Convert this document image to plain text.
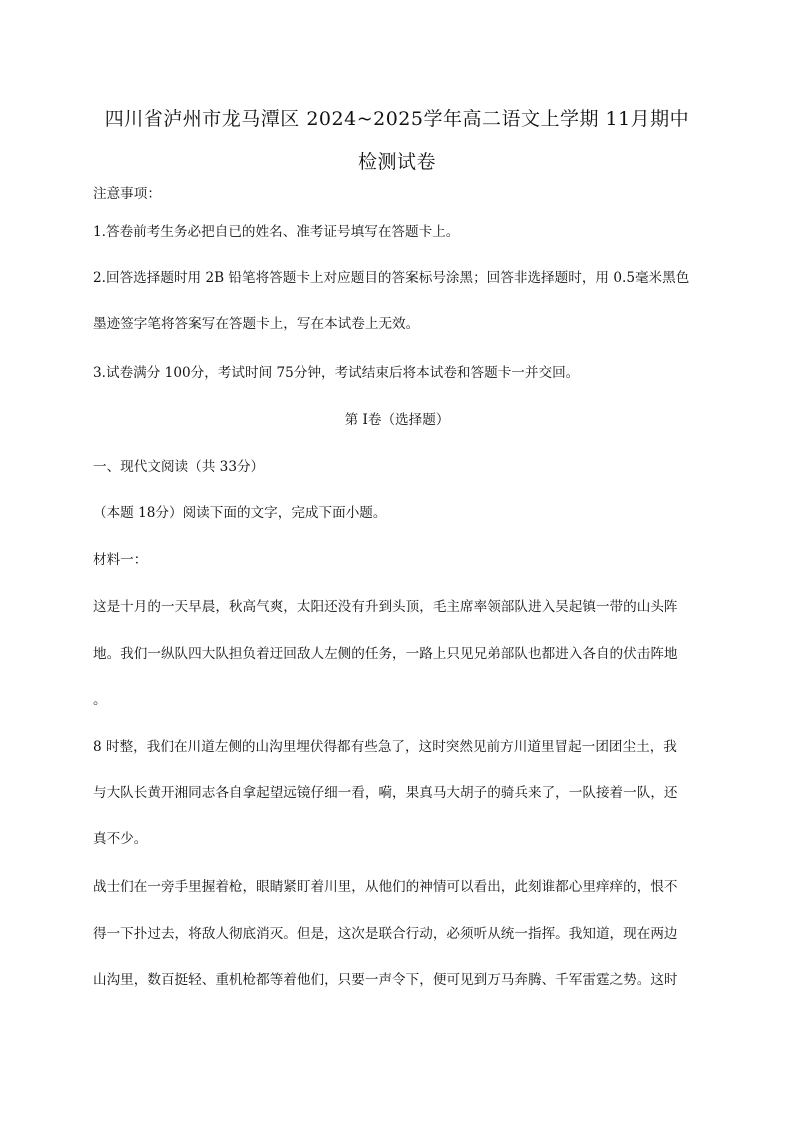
四川省泸州市龙马潭区 2024~2025学年高二语文上学期 11月期中
检测试卷
注意事项：
1.答卷前考生务必把自已的姓名、准考证号填写在答题卡上。
2.回答选择题时用 2B 铅笔将答题卡上对应题目的答案标号涂黑；回答非选择题时，用 0.5毫米黑色
墨迹签字笔将答案写在答题卡上，写在本试卷上无效。
3.试卷满分 100分，考试时间 75分钟，考试结束后将本试卷和答题卡一并交回。
第 I卷（选择题）
一、现代文阅读（共 33分）
（本题 18分）阅读下面的文字，完成下面小题。
材料一：
这是十月的一天早晨，秋高气爽，太阳还没有升到头顶，毛主席率领部队进入吴起镇一带的山头阵
地。我们一纵队四大队担负着迂回敌人左侧的任务，一路上只见兄弟部队也都进入各自的伏击阵地
。
8 时整，我们在川道左侧的山沟里埋伏得都有些急了，这时突然见前方川道里冒起一团团尘土，我
与大队长黄开湘同志各自拿起望远镜仔细一看，嗬，果真马大胡子的骑兵来了，一队接着一队，还
真不少。
战士们在一旁手里握着枪，眼睛紧盯着川里，从他们的神情可以看出，此刻谁都心里痒痒的，恨不
得一下扑过去，将敌人彻底消灭。但是，这次是联合行动，必须听从统一指挥。我知道，现在两边
山沟里，数百挺轻、重机枪都等着他们，只要一声令下，便可见到万马奔腾、千军雷霆之势。这时
